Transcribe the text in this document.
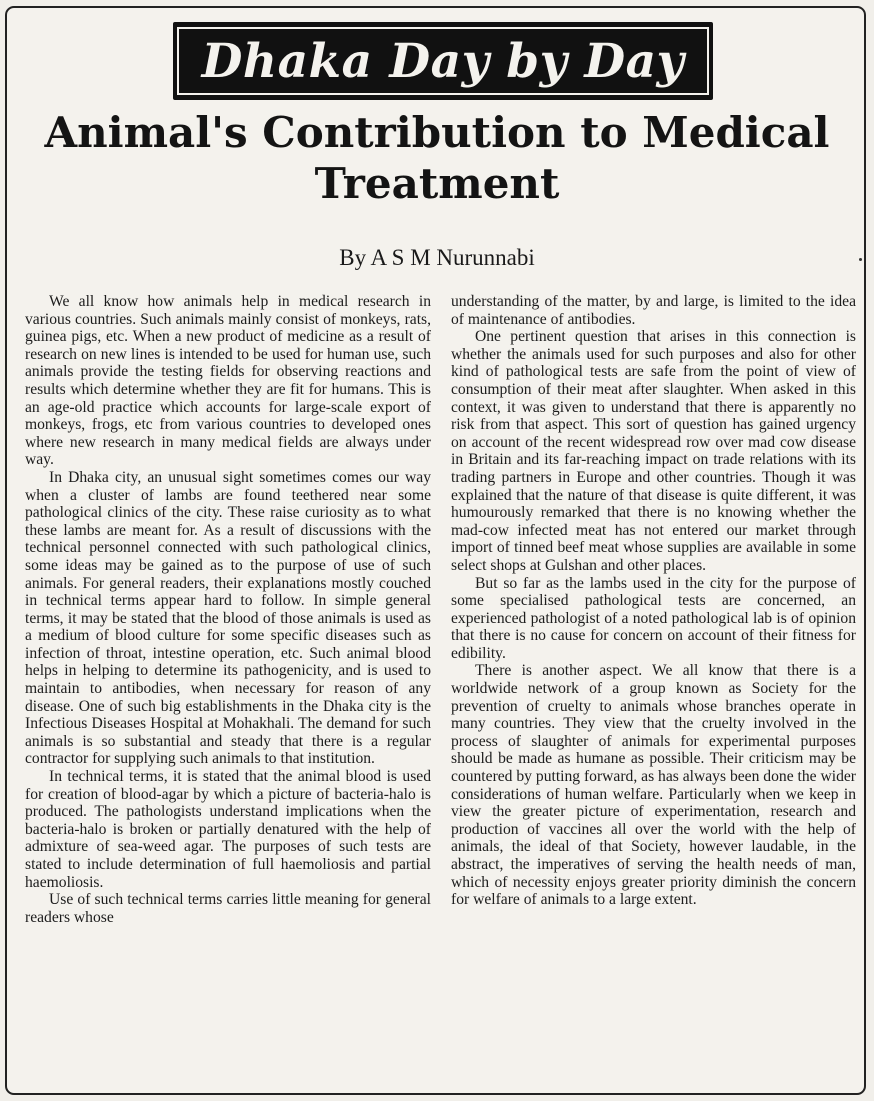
Dhaka Day by Day
Animal's Contribution to Medical Treatment
By A S M Nurunnabi

We all know how animals help in medical research in various countries. Such animals mainly consist of monkeys, rats, guinea pigs, etc. When a new product of medicine as a result of research on new lines is intended to be used for human use, such animals provide the testing fields for observing reactions and results which determine whether they are fit for humans. This is an age-old practice which accounts for large-scale export of monkeys, frogs, etc from various countries to developed ones where new research in many medical fields are always under way.

In Dhaka city, an unusual sight sometimes comes our way when a cluster of lambs are found teethered near some pathological clinics of the city. These raise curiosity as to what these lambs are meant for. As a result of discussions with the technical personnel connected with such pathological clinics, some ideas may be gained as to the purpose of use of such animals. For general readers, their explanations mostly couched in technical terms appear hard to follow. In simple general terms, it may be stated that the blood of those animals is used as a medium of blood culture for some specific diseases such as infection of throat, intestine operation, etc. Such animal blood helps in helping to determine its pathogenicity, and is used to maintain to antibodies, when necessary for reason of any disease. One of such big establishments in the Dhaka city is the Infectious Diseases Hospital at Mohakhali. The demand for such animals is so substantial and steady that there is a regular contractor for supplying such animals to that institution.

In technical terms, it is stated that the animal blood is used for creation of blood-agar by which a picture of bacteria-halo is produced. The pathologists understand implications when the bacteria-halo is broken or partially denatured with the help of admixture of sea-weed agar. The purposes of such tests are stated to include determination of full haemoliosis and partial haemoliosis.

Use of such technical terms carries little meaning for general readers whose

understanding of the matter, by and large, is limited to the idea of maintenance of antibodies.

One pertinent question that arises in this connection is whether the animals used for such purposes and also for other kind of pathological tests are safe from the point of view of consumption of their meat after slaughter. When asked in this context, it was given to understand that there is apparently no risk from that aspect. This sort of question has gained urgency on account of the recent widespread row over mad cow disease in Britain and its far-reaching impact on trade relations with its trading partners in Europe and other countries. Though it was explained that the nature of that disease is quite different, it was humourously remarked that there is no knowing whether the mad-cow infected meat has not entered our market through import of tinned beef meat whose supplies are available in some select shops at Gulshan and other places.

But so far as the lambs used in the city for the purpose of some specialised pathological tests are concerned, an experienced pathologist of a noted pathological lab is of opinion that there is no cause for concern on account of their fitness for edibility.

There is another aspect. We all know that there is a worldwide network of a group known as Society for the prevention of cruelty to animals whose branches operate in many countries. They view that the cruelty involved in the process of slaughter of animals for experimental purposes should be made as humane as possible. Their criticism may be countered by putting forward, as has always been done the wider considerations of human welfare. Particularly when we keep in view the greater picture of experimentation, research and production of vaccines all over the world with the help of animals, the ideal of that Society, however laudable, in the abstract, the imperatives of serving the health needs of man, which of necessity enjoys greater priority diminish the concern for welfare of animals to a large extent.
